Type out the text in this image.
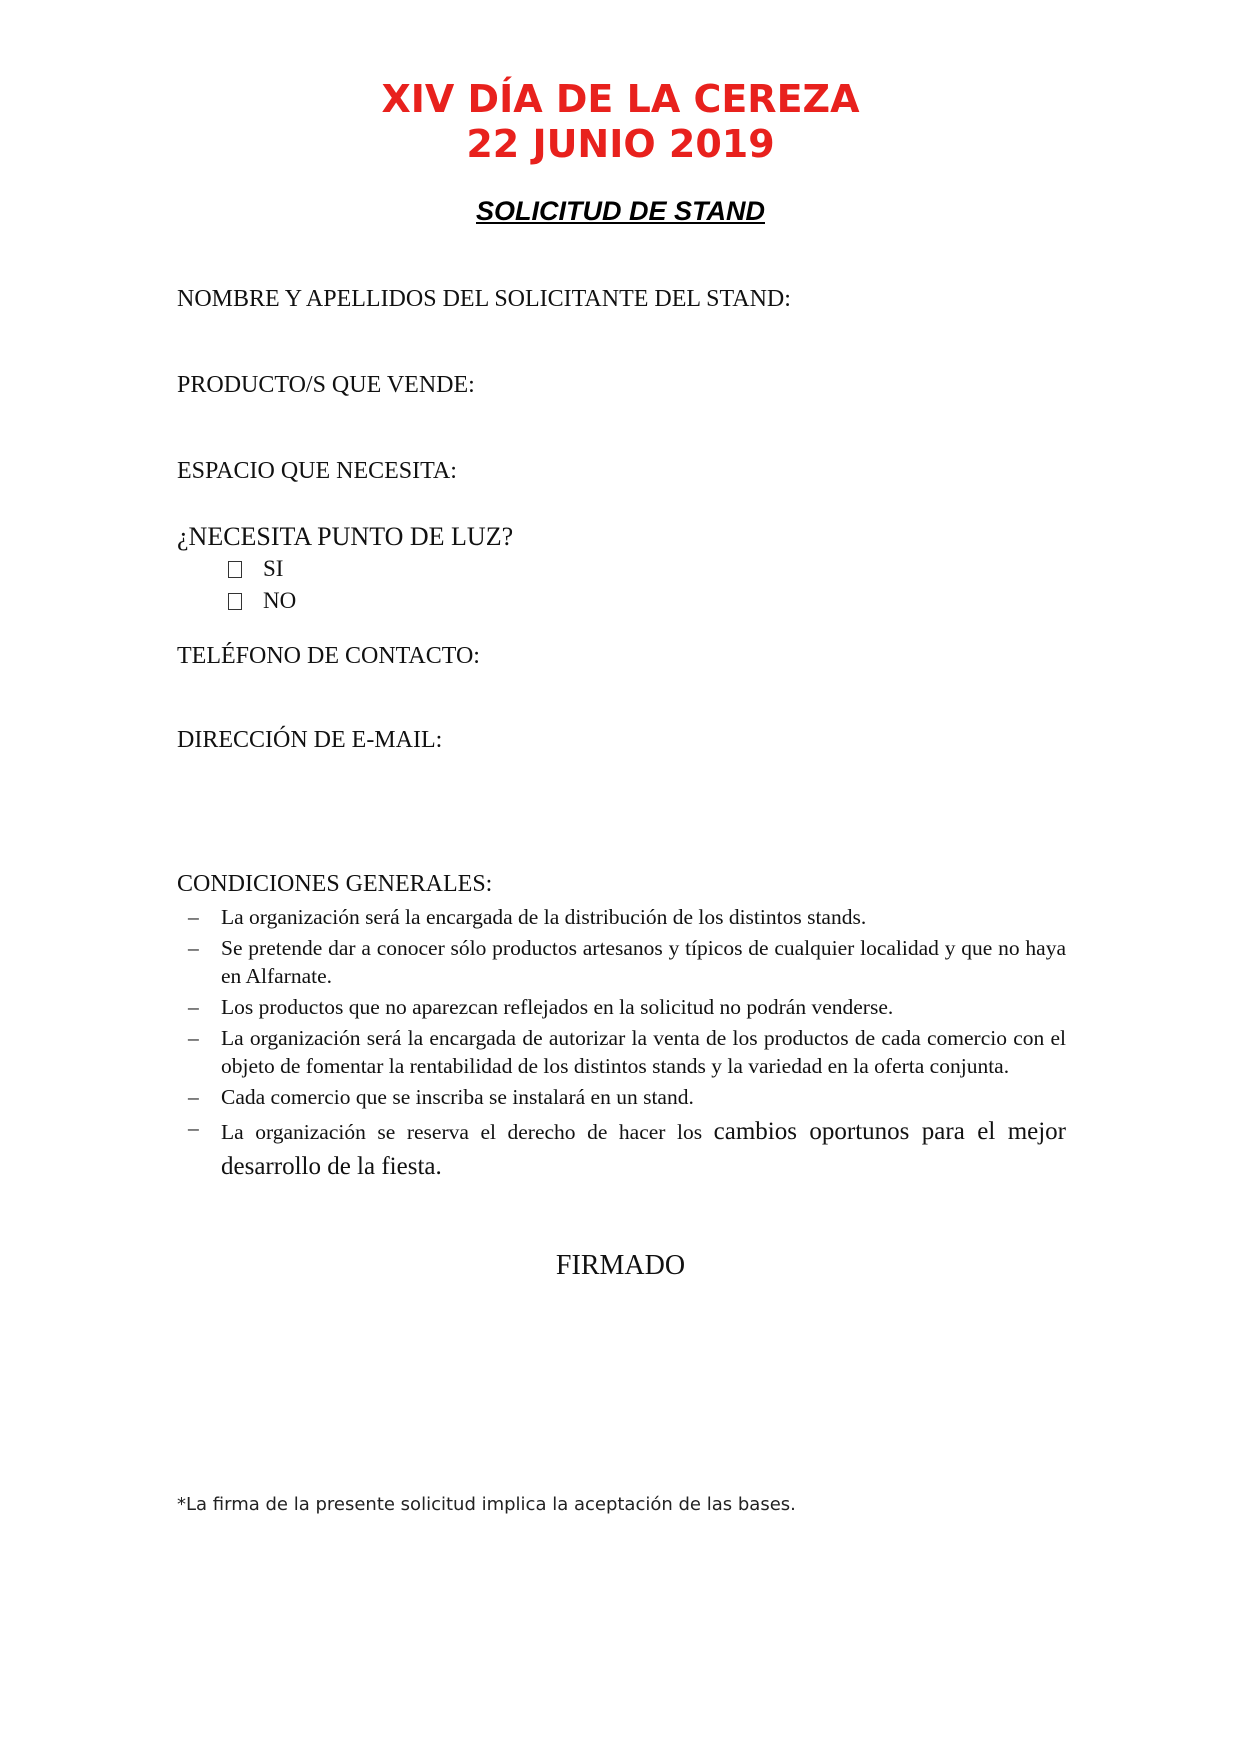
XIV DÍA DE LA CEREZA
22 JUNIO 2019
SOLICITUD DE STAND
NOMBRE Y APELLIDOS DEL SOLICITANTE DEL STAND:
PRODUCTO/S QUE VENDE:
ESPACIO QUE NECESITA:
¿NECESITA PUNTO DE LUZ?
SI
NO
TELÉFONO DE CONTACTO:
DIRECCIÓN DE E-MAIL:
CONDICIONES GENERALES:
–	La organización será la encargada de la distribución de los distintos stands.
–	Se pretende dar a conocer sólo productos artesanos y típicos de cualquier localidad y que no haya en Alfarnate.
–	Los productos que no aparezcan reflejados en la solicitud no podrán venderse.
–	La organización será la encargada de autorizar la venta de los productos de cada comercio con el objeto de fomentar la rentabilidad de los distintos stands y la variedad en la oferta conjunta.
–	Cada comercio que se inscriba se instalará en un stand.
–	La organización se reserva el derecho de hacer los cambios oportunos para el mejor desarrollo de la fiesta.
FIRMADO
*La firma de la presente solicitud implica la aceptación de las bases.
